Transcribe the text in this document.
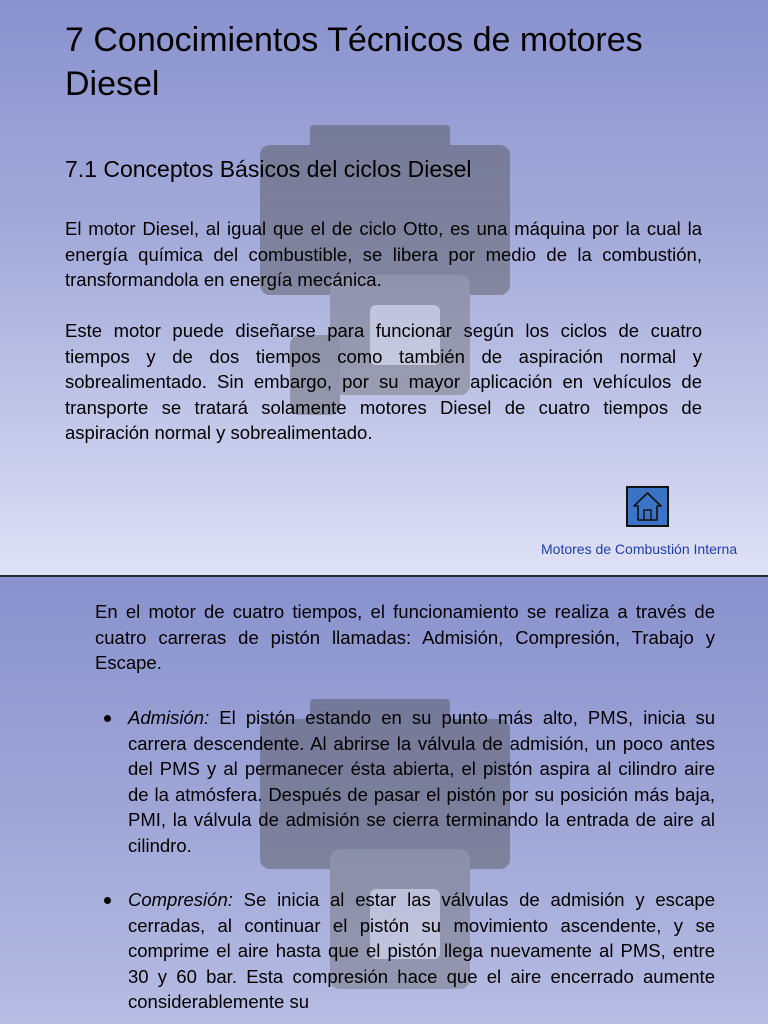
7 Conocimientos Técnicos de motores Diesel
7.1 Conceptos Básicos del ciclos Diesel

El motor Diesel, al igual que el de ciclo Otto, es una máquina por la cual la energía química del combustible, se libera por medio de la combustión, transformandola en energía mecánica.

Este motor puede diseñarse para funcionar según los ciclos de cuatro tiempos y de dos tiempos como también de aspiración normal y sobrealimentado. Sin embargo, por su mayor aplicación en vehículos de transporte se tratará solamente motores Diesel de cuatro tiempos de aspiración normal y sobrealimentado.

Motores de Combustión Interna

En el motor de cuatro tiempos, el funcionamiento se realiza a través de cuatro carreras de pistón llamadas: Admisión, Compresión, Trabajo y Escape.

Admisión: El pistón estando en su punto más alto, PMS, inicia su carrera descendente. Al abrirse la válvula de admisión, un poco antes del PMS y al permanecer ésta abierta, el pistón aspira al cilindro aire de la atmósfera. Después de pasar el pistón por su posición más baja, PMI, la válvula de admisión se cierra terminando la entrada de aire al cilindro.
Compresión: Se inicia al estar las válvulas de admisión y escape cerradas, al continuar el pistón su movimiento ascendente, y se comprime el aire hasta que el pistón llega nuevamente al PMS, entre 30 y 60 bar. Esta compresión hace que el aire encerrado aumente considerablemente su
